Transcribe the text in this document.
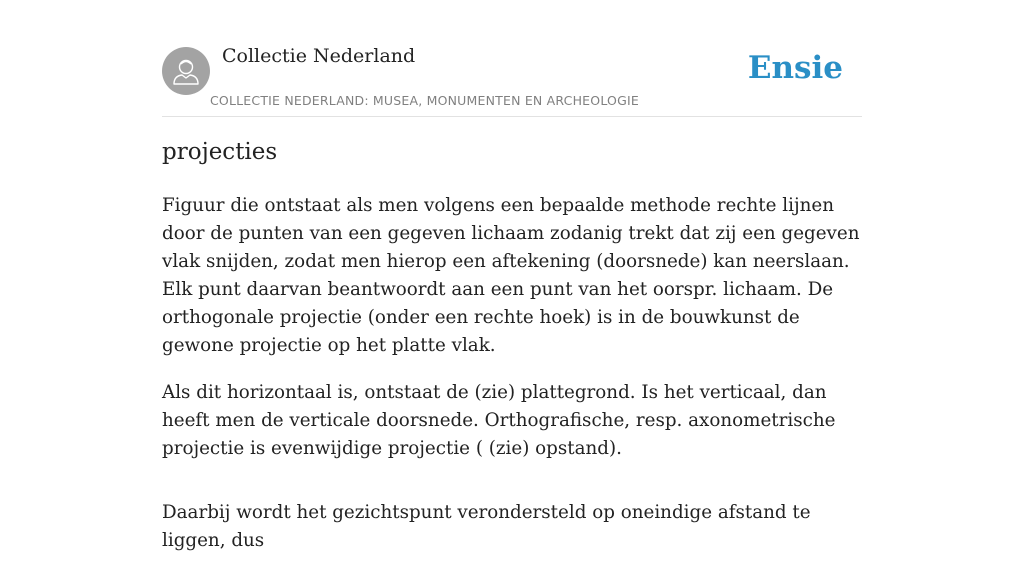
Collectie Nederland
COLLECTIE NEDERLAND: MUSEA, MONUMENTEN EN ARCHEOLOGIE
Ensie
projecties

Figuur die ontstaat als men volgens een bepaalde methode rechte lijnen door de punten van een gegeven lichaam zodanig trekt dat zij een gegeven vlak snijden, zodat men hierop een aftekening (doorsnede) kan neerslaan. Elk punt daarvan beantwoordt aan een punt van het oorspr. lichaam. De orthogonale projectie (onder een rechte hoek) is in de bouwkunst de gewone projectie op het platte vlak.

Als dit horizontaal is, ontstaat de (zie) plattegrond. Is het verticaal, dan heeft men de verticale doorsnede. Orthografische, resp. axonometrische projectie is evenwijdige projectie ( (zie) opstand).

Daarbij wordt het gezichtspunt verondersteld op oneindige afstand te liggen, dus
